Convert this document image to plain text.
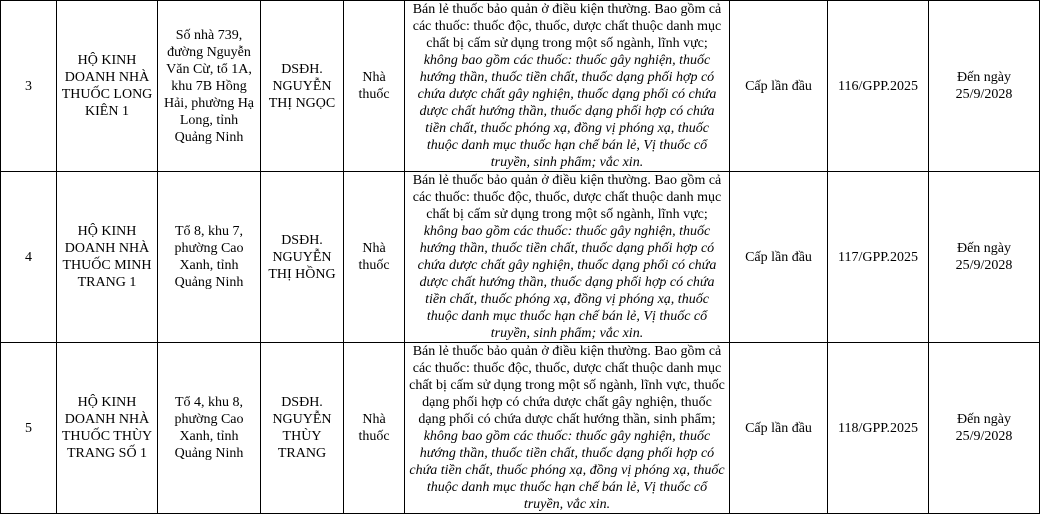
3	HỘ KINH DOANH NHÀ THUỐC LONG KIÊN 1	Số nhà 739, đường Nguyễn Văn Cừ, tổ 1A, khu 7B Hồng Hải, phường Hạ Long, tỉnh Quảng Ninh	DSĐH. NGUYỄN THỊ NGỌC	Nhà thuốc	Bán lẻ thuốc bảo quản ở điều kiện thường. Bao gồm cả các thuốc: thuốc độc, thuốc, dược chất thuộc danh mục chất bị cấm sử dụng trong một số ngành, lĩnh vực; không bao gồm các thuốc: thuốc gây nghiện, thuốc hướng thần, thuốc tiền chất, thuốc dạng phối hợp có chứa dược chất gây nghiện, thuốc dạng phối có chứa dược chất hướng thần, thuốc dạng phối hợp có chứa tiền chất, thuốc phóng xạ, đồng vị phóng xạ, thuốc thuộc danh mục thuốc hạn chế bán lẻ, Vị thuốc cổ truyền, sinh phẩm; vắc xin.	Cấp lần đầu	116/GPP.2025	Đến ngày 25/9/2028
4	HỘ KINH DOANH NHÀ THUỐC MINH TRANG 1	Tổ 8, khu 7, phường Cao Xanh, tỉnh Quảng Ninh	DSĐH. NGUYỄN THỊ HỒNG	Nhà thuốc	Bán lẻ thuốc bảo quản ở điều kiện thường. Bao gồm cả các thuốc: thuốc độc, thuốc, dược chất thuộc danh mục chất bị cấm sử dụng trong một số ngành, lĩnh vực; không bao gồm các thuốc: thuốc gây nghiện, thuốc hướng thần, thuốc tiền chất, thuốc dạng phối hợp có chứa dược chất gây nghiện, thuốc dạng phối có chứa dược chất hướng thần, thuốc dạng phối hợp có chứa tiền chất, thuốc phóng xạ, đồng vị phóng xạ, thuốc thuộc danh mục thuốc hạn chế bán lẻ, Vị thuốc cổ truyền, sinh phẩm; vắc xin.	Cấp lần đầu	117/GPP.2025	Đến ngày 25/9/2028
5	HỘ KINH DOANH NHÀ THUỐC THÙY TRANG SỐ 1	Tổ 4, khu 8, phường Cao Xanh, tỉnh Quảng Ninh	DSĐH. NGUYỄN THÙY TRANG	Nhà thuốc	Bán lẻ thuốc bảo quản ở điều kiện thường. Bao gồm cả các thuốc: thuốc độc, thuốc, dược chất thuộc danh mục chất bị cấm sử dụng trong một số ngành, lĩnh vực, thuốc dạng phối hợp có chứa dược chất gây nghiện, thuốc dạng phối có chứa dược chất hướng thần, sinh phẩm; không bao gồm các thuốc: thuốc gây nghiện, thuốc hướng thần, thuốc tiền chất, thuốc dạng phối hợp có chứa tiền chất, thuốc phóng xạ, đồng vị phóng xạ, thuốc thuộc danh mục thuốc hạn chế bán lẻ, Vị thuốc cổ truyền, vắc xin.	Cấp lần đầu	118/GPP.2025	Đến ngày 25/9/2028
